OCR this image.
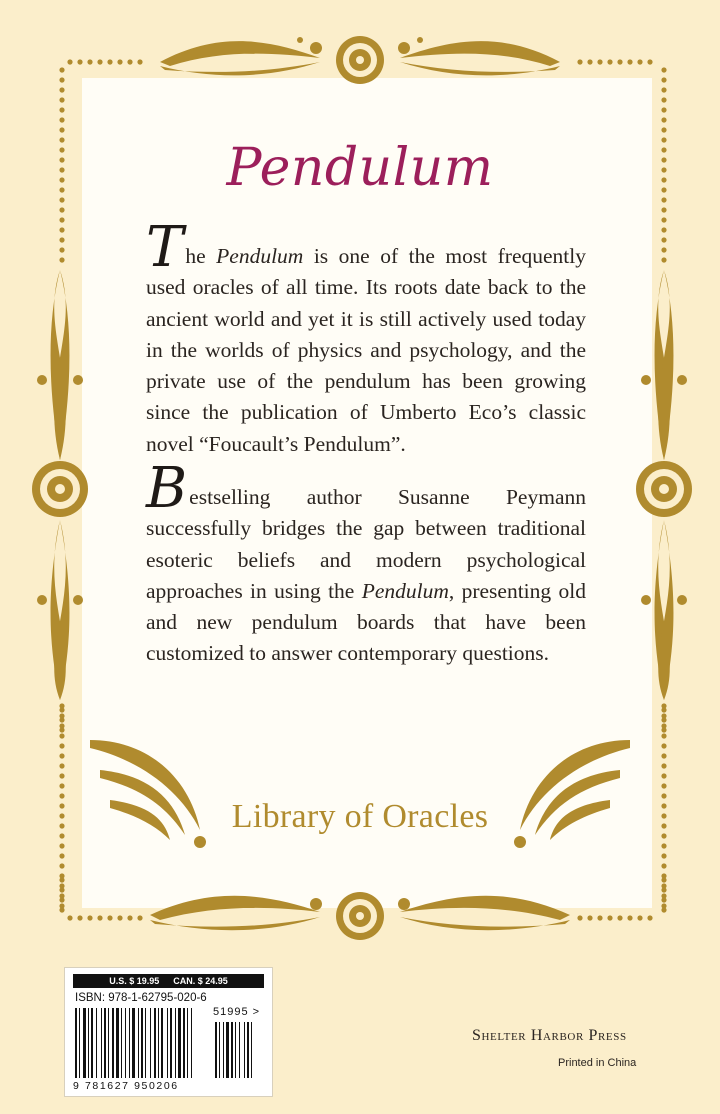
Pendulum

The Pendulum is one of the most frequently used oracles of all time. Its roots date back to the ancient world and yet it is still actively used today in the worlds of physics and psychology, and the private use of the pendulum has been growing since the publication of Umberto Eco’s classic novel “Foucault’s Pendulum”.

Bestselling author Susanne Peymann successfully bridges the gap between traditional esoteric beliefs and modern psychological approaches in using the Pendulum, presenting old and new pendulum boards that have been customized to answer contemporary questions.

Library of Oracles
U.S. $ 19.95 CAN. $ 24.95
ISBN: 978-1-62795-020-6
51995 >
9 781627 950206
Shelter Harbor Press
Printed in China
